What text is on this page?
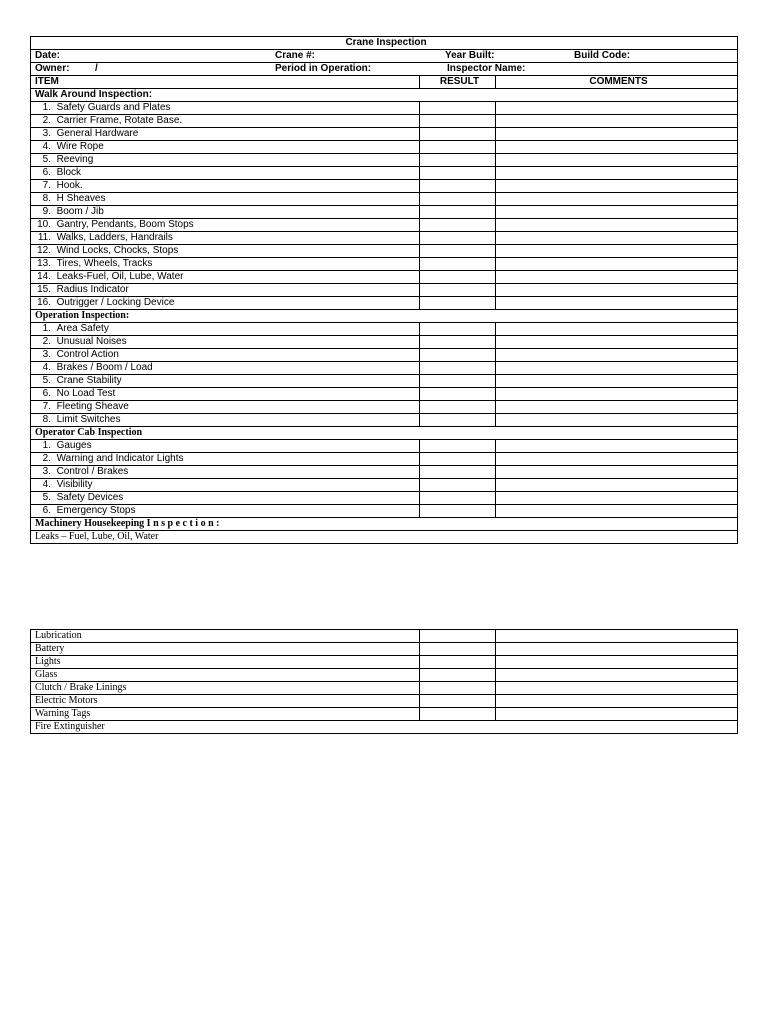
Crane Inspection		

Date: Crane #: Year Built: Build Code:		

Owner: / Period in Operation: Inspector Name:		

ITEM	RESULT	COMMENTS
Walk Around Inspection:		
1. Safety Guards and Plates		
2. Carrier Frame, Rotate Base.		
3. General Hardware		
4. Wire Rope		
5. Reeving		
6. Block		
7. Hook.		
8. H Sheaves		
9. Boom / Jib		
10. Gantry, Pendants, Boom Stops		
11. Walks, Ladders, Handrails		
12. Wind Locks, Chocks, Stops		
13. Tires, Wheels, Tracks		
14. Leaks-Fuel, Oil, Lube, Water		
15. Radius Indicator		
16. Outrigger / Locking Device		
Operation Inspection:		
1. Area Safety		
2. Unusual Noises		
3. Control Action		
4. Brakes / Boom / Load		
5. Crane Stability		
6. No Load Test		
7. Fleeting Sheave		
8. Limit Switches		
Operator Cab Inspection		
1. Gauges		
2. Warning and Indicator Lights		
3. Control / Brakes		
4. Visibility		
5. Safety Devices		
6. Emergency Stops		
Machinery Housekeeping I n s p e c t i o n :		
Leaks – Fuel, Lube, Oil, Water		
Lubrication		
Battery		
Lights		
Glass		
Clutch / Brake Linings		
Electric Motors		
Warning Tags		
Fire Extinguisher		
